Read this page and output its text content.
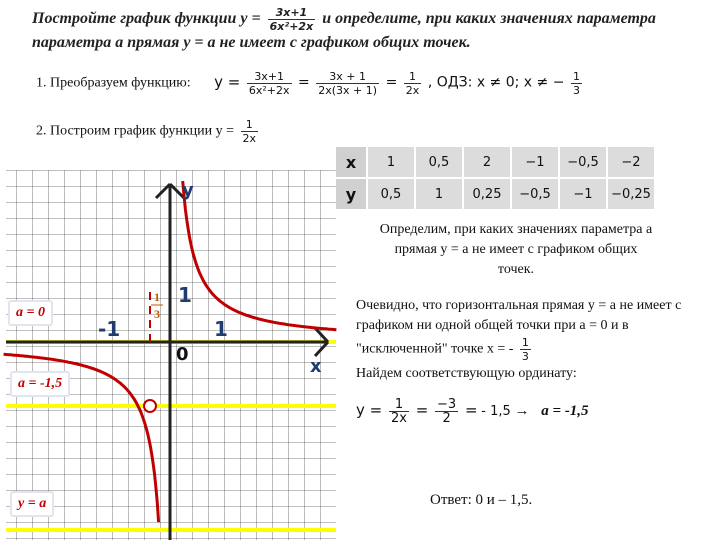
Постройте график функции $y = \frac{3x+1}{\text{6x²+2x}}$ и определите, при каких значениях параметра
параметра a прямая y = a не имеет с графиком общих точек.
1. Преобразуем функцию: $y = \frac{3x+1}{\text{6x²+2x}} = \frac{3x + 1}{2x(3x + 1)} = \frac{1}{2x}$ , ОДЗ: x ≠ 0; x ≠ − $\frac{1}{3}$
2. Построим график функции $y = \frac{1}{2x}$
x	1	0,5	2	−1	−0,5	−2
у	0,5	1	0,25	−0,5	−1	−0,25
у
x
0
1
-1	1
1
3
a = 0
a = -1,5
y = a
Определим, при каких значениях параметра a прямая y = a не имеет с графиком общих точек.
Очевидно, что горизонтальная прямая y = a не имеет с графиком ни одной общей точки при a = 0 и в "исключенной" точке x = - $\frac{1}{3}$
Найдем соответствующую ординату:
$у = \frac{1}{2x} = \frac{-3}{2}$ = - 1,5 → a = -1,5
Ответ: 0 и – 1,5.
